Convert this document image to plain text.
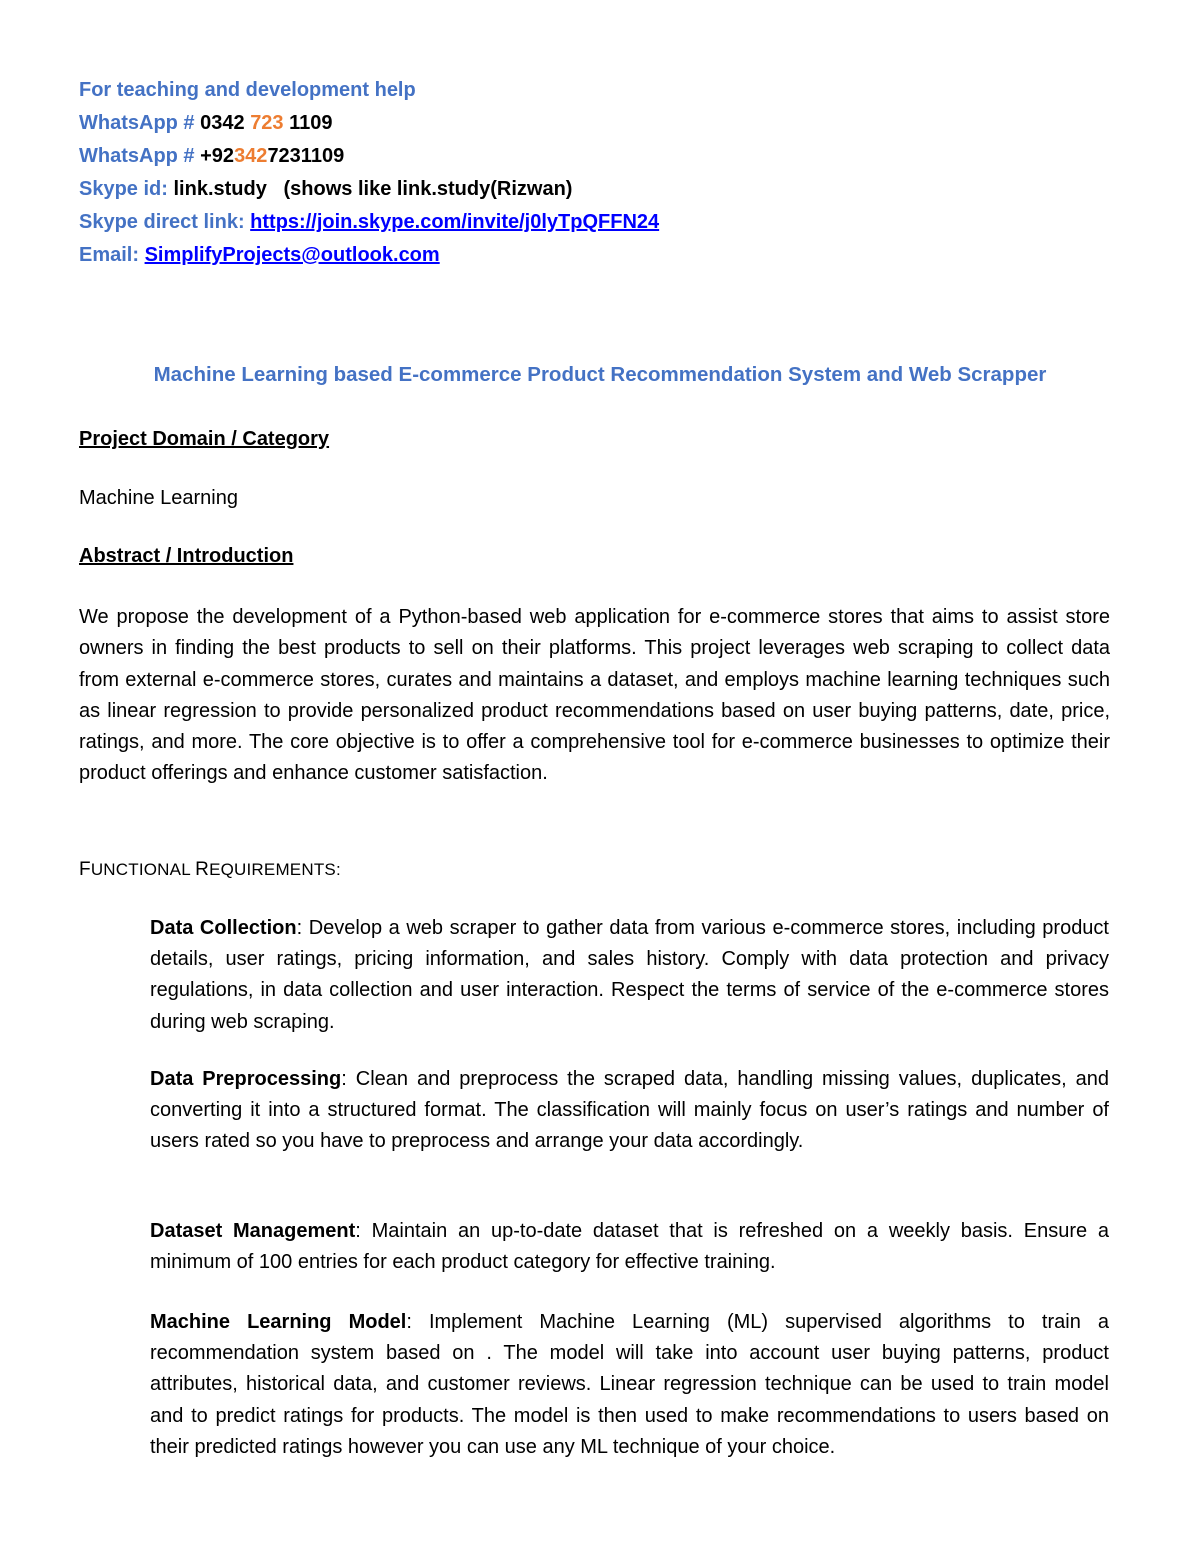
For teaching and development help
WhatsApp # 0342 723 1109
WhatsApp # +923427231109
Skype id: link.study   (shows like link.study(Rizwan)
Skype direct link: https://join.skype.com/invite/j0lyTpQFFN24
Email: SimplifyProjects@outlook.com
Machine Learning based E-commerce Product Recommendation System and Web Scrapper
Project Domain / Category
Machine Learning
Abstract / Introduction

We propose the development of a Python-based web application for e-commerce stores that aims to assist store owners in finding the best products to sell on their platforms. This project leverages web scraping to collect data from external e-commerce stores, curates and maintains a dataset, and employs machine learning techniques such as linear regression to provide personalized product recommendations based on user buying patterns, date, price, ratings, and more. The core objective is to offer a comprehensive tool for e-commerce businesses to optimize their product offerings and enhance customer satisfaction.

FUNCTIONAL REQUIREMENTS:

Data Collection: Develop a web scraper to gather data from various e-commerce stores, including product details, user ratings, pricing information, and sales history. Comply with data protection and privacy regulations, in data collection and user interaction. Respect the terms of service of the e-commerce stores during web scraping.

Data Preprocessing: Clean and preprocess the scraped data, handling missing values, duplicates, and converting it into a structured format. The classification will mainly focus on user’s ratings and number of users rated so you have to preprocess and arrange your data accordingly.

Dataset Management: Maintain an up-to-date dataset that is refreshed on a weekly basis. Ensure a minimum of 100 entries for each product category for effective training.

Machine Learning Model: Implement Machine Learning (ML) supervised algorithms to train a recommendation system based on . The model will take into account user buying patterns, product attributes, historical data, and customer reviews. Linear regression technique can be used to train model and to predict ratings for products. The model is then used to make recommendations to users based on their predicted ratings however you can use any ML technique of your choice.
